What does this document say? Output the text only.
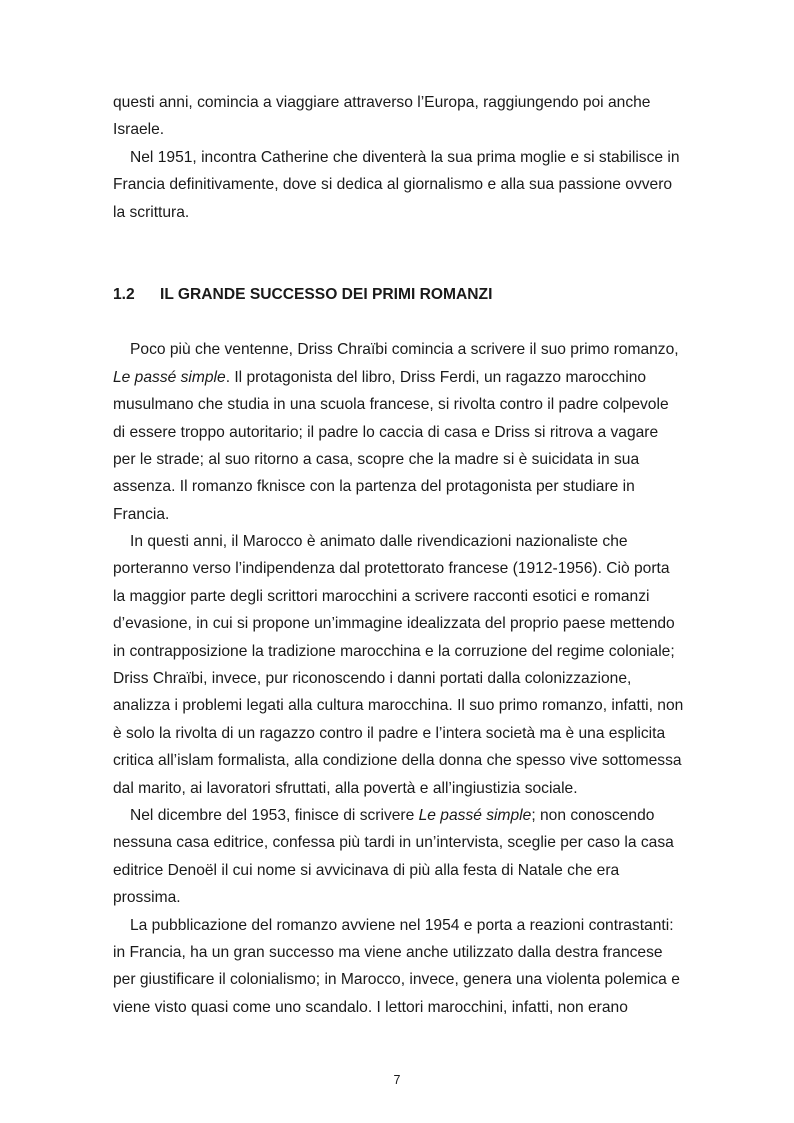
questi anni, comincia a viaggiare attraverso l’Europa, raggiungendo poi anche
Israele.
Nel 1951, incontra Catherine che diventerà la sua prima moglie e si stabilisce in
Francia definitivamente, dove si dedica al giornalismo e alla sua passione ovvero
la scrittura.
1.2 IL GRANDE SUCCESSO DEI PRIMI ROMANZI
Poco più che ventenne, Driss Chraïbi comincia a scrivere il suo primo romanzo,
Le passé simple. Il protagonista del libro, Driss Ferdi, un ragazzo marocchino
musulmano che studia in una scuola francese, si rivolta contro il padre colpevole
di essere troppo autoritario; il padre lo caccia di casa e Driss si ritrova a vagare
per le strade; al suo ritorno a casa, scopre che la madre si è suicidata in sua
assenza. Il romanzo fknisce con la partenza del protagonista per studiare in
Francia.
In questi anni, il Marocco è animato dalle rivendicazioni nazionaliste che
porteranno verso l’indipendenza dal protettorato francese (1912-1956). Ciò porta
la maggior parte degli scrittori marocchini a scrivere racconti esotici e romanzi
d’evasione, in cui si propone un’immagine idealizzata del proprio paese mettendo
in contrapposizione la tradizione marocchina e la corruzione del regime coloniale;
Driss Chraïbi, invece, pur riconoscendo i danni portati dalla colonizzazione,
analizza i problemi legati alla cultura marocchina. Il suo primo romanzo, infatti, non
è solo la rivolta di un ragazzo contro il padre e l’intera società ma è una esplicita
critica all’islam formalista, alla condizione della donna che spesso vive sottomessa
dal marito, ai lavoratori sfruttati, alla povertà e all’ingiustizia sociale.
Nel dicembre del 1953, finisce di scrivere Le passé simple; non conoscendo
nessuna casa editrice, confessa più tardi in un’intervista, sceglie per caso la casa
editrice Denoël il cui nome si avvicinava di più alla festa di Natale che era
prossima.
La pubblicazione del romanzo avviene nel 1954 e porta a reazioni contrastanti:
in Francia, ha un gran successo ma viene anche utilizzato dalla destra francese
per giustificare il colonialismo; in Marocco, invece, genera una violenta polemica e
viene visto quasi come uno scandalo. I lettori marocchini, infatti, non erano
7
